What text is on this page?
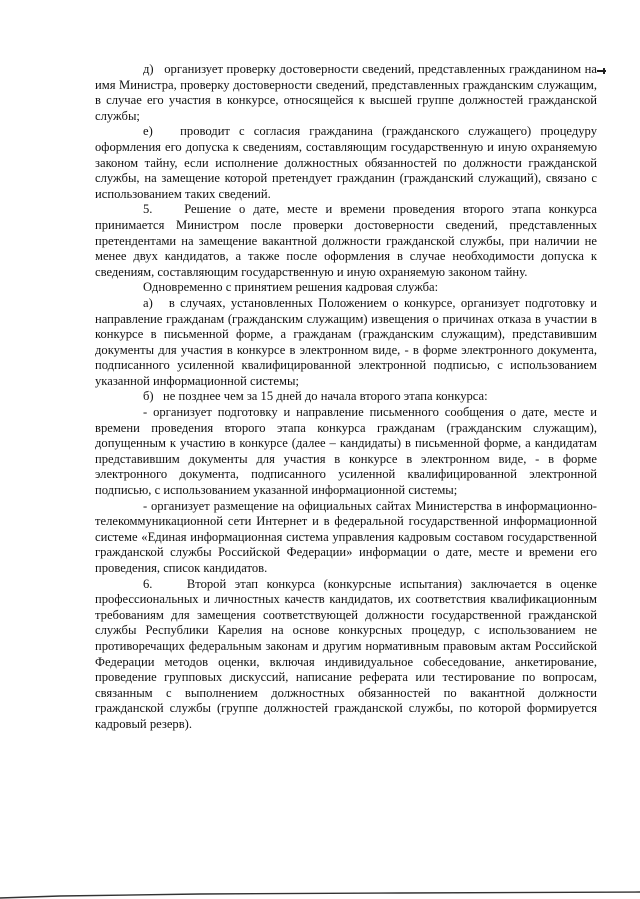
д)   организует проверку достоверности сведений, представленных гражданином на имя Министра, проверку достоверности сведений, представленных гражданским служащим, в случае его участия в конкурсе, относящейся к высшей группе должностей гражданской службы;

е)   проводит с согласия гражданина (гражданского служащего) процедуру оформления его допуска к сведениям, составляющим государственную и иную охраняемую законом тайну, если исполнение должностных обязанностей по должности гражданской службы, на замещение которой претендует гражданин (гражданский служащий), связано с использованием таких сведений.

5.    Решение о дате, месте и времени проведения второго этапа конкурса принимается Министром после проверки достоверности сведений, представленных претендентами на замещение вакантной должности гражданской службы, при наличии не менее двух кандидатов, а также после оформления в случае необходимости допуска к сведениям, составляющим государственную и иную охраняемую законом тайну.

Одновременно с принятием решения кадровая служба:

а)   в случаях, установленных Положением о конкурсе, организует подготовку и направление гражданам (гражданским служащим) извещения о причинах отказа в участии в конкурсе в письменной форме, а гражданам (гражданским служащим), представившим документы для участия в конкурсе в электронном виде, - в форме электронного документа, подписанного усиленной квалифицированной электронной подписью, с использованием указанной информационной системы;

б)   не позднее чем за 15 дней до начала второго этапа конкурса:

- организует подготовку и направление письменного сообщения о дате, месте и времени проведения второго этапа конкурса гражданам (гражданским служащим), допущенным к участию в конкурсе (далее – кандидаты) в письменной форме, а кандидатам представившим документы для участия в конкурсе в электронном виде, - в форме электронного документа, подписанного усиленной квалифицированной электронной подписью, с использованием указанной информационной системы;

- организует размещение на официальных сайтах Министерства в информационно-телекоммуникационной сети Интернет и в федеральной государственной информационной системе «Единая информационная система управления кадровым составом государственной гражданской службы Российской Федерации» информации о дате, месте и времени его проведения, список кандидатов.

6.    Второй этап конкурса (конкурсные испытания) заключается в оценке профессиональных и личностных качеств кандидатов, их соответствия квалификационным требованиям для замещения соответствующей должности государственной гражданской службы Республики Карелия на основе конкурсных процедур, с использованием не противоречащих федеральным законам и другим нормативным правовым актам Российской Федерации методов оценки, включая индивидуальное собеседование, анкетирование, проведение групповых дискуссий, написание реферата или тестирование по вопросам, связанным с выполнением должностных обязанностей по вакантной должности гражданской службы (группе должностей гражданской службы, по которой формируется кадровый резерв).
